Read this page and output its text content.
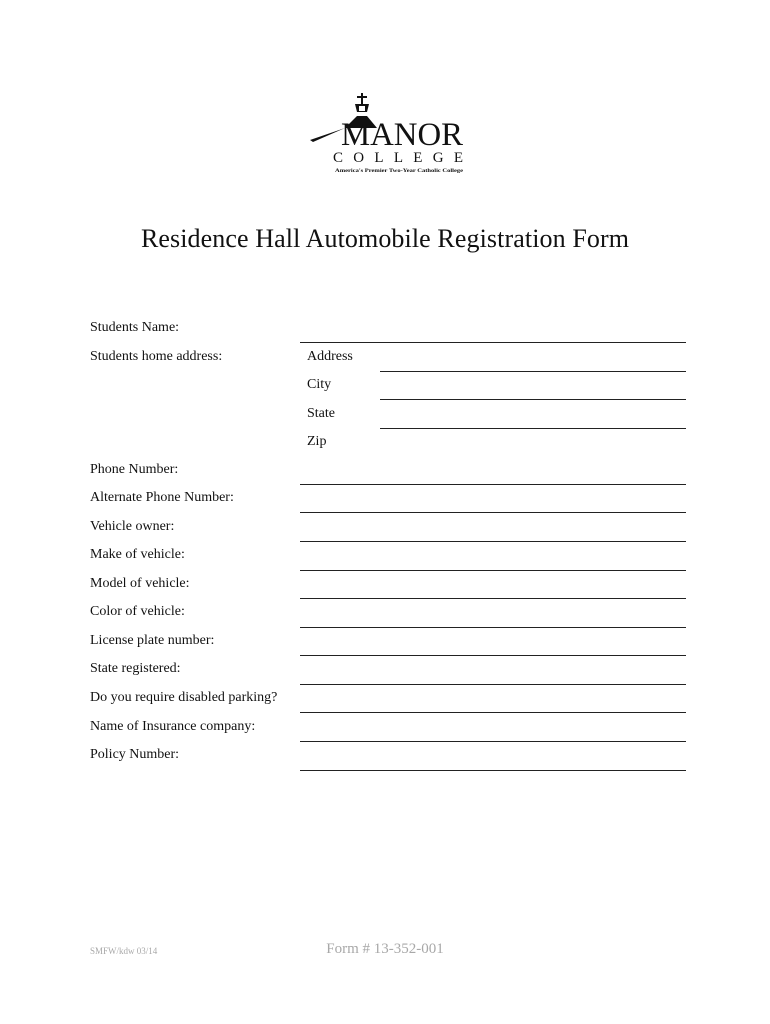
MANOR
COLLEGE
America's Premier Two-Year Catholic College
Residence Hall Automobile Registration Form
Students Name:
Students home address:	Address
City
State
Zip
Phone Number:
Alternate Phone Number:
Vehicle owner:
Make of vehicle:
Model of vehicle:
Color of vehicle:
License plate number:
State registered:
Do you require disabled parking?
Name of Insurance company:
Policy Number:
SMFW/kdw 03/14	Form # 13-352-001
